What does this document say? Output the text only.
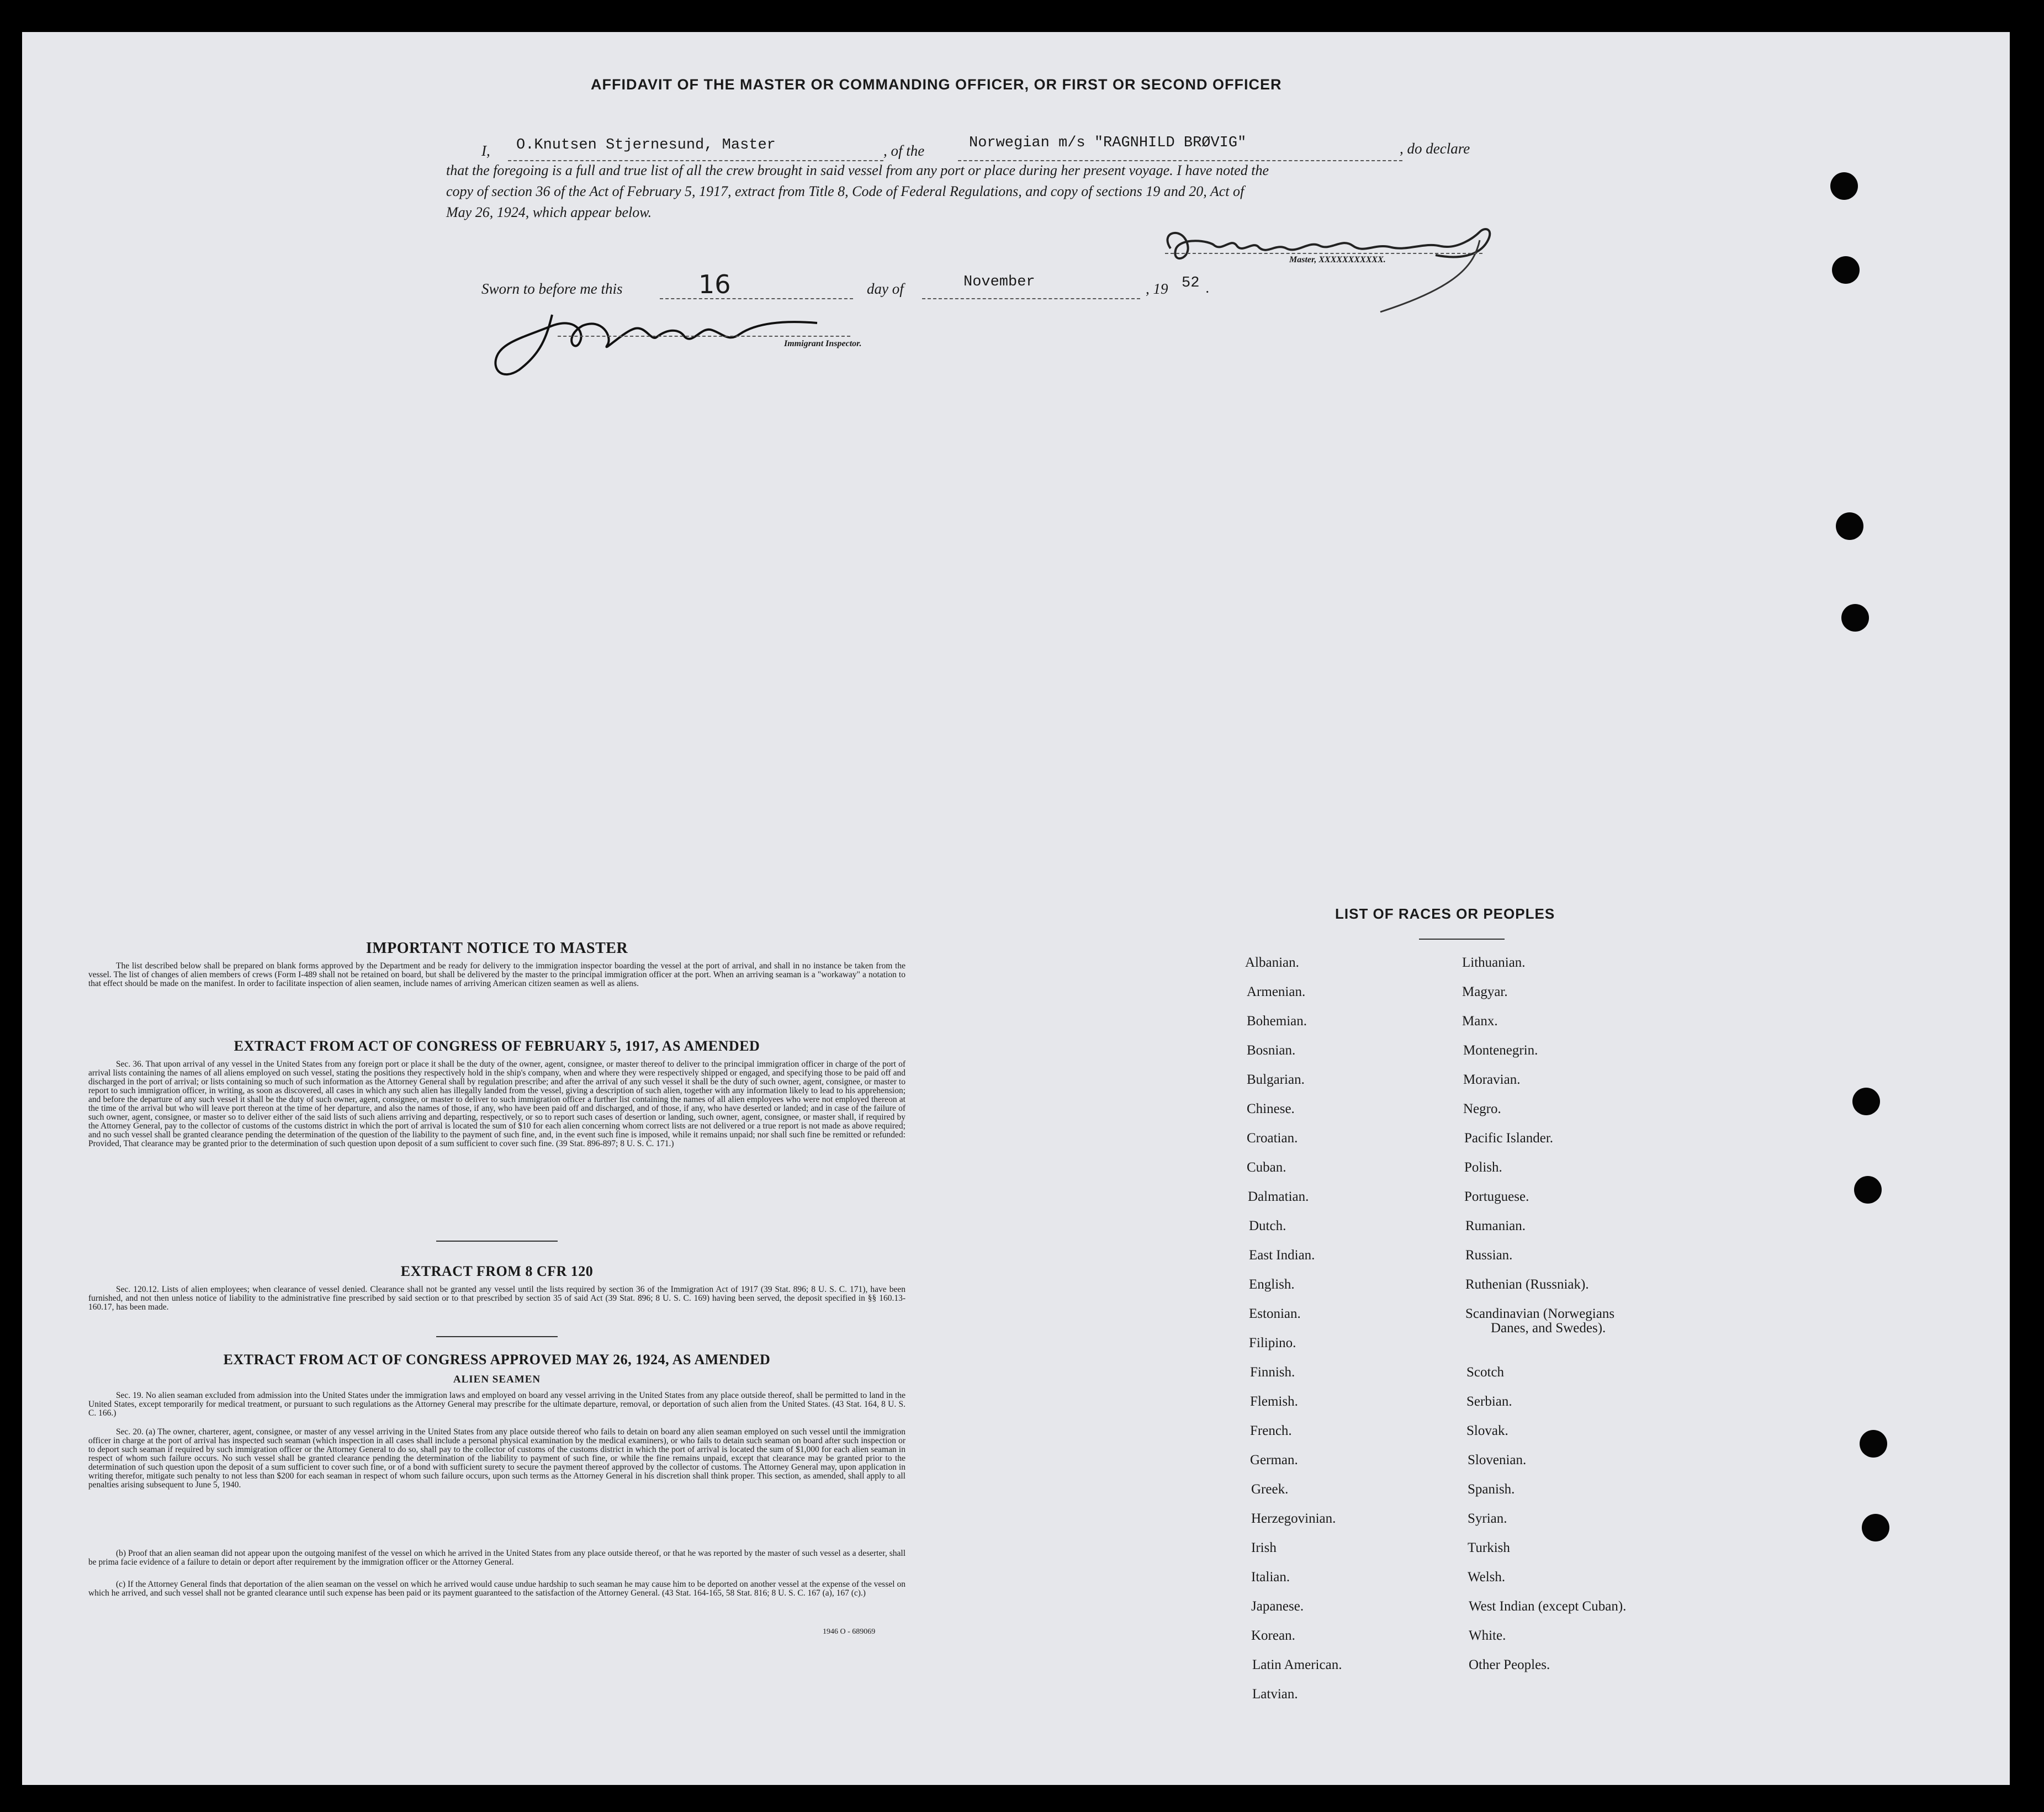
AFFIDAVIT OF THE MASTER OR COMMANDING OFFICER, OR FIRST OR SECOND OFFICER
I, O.Knutsen Stjernesund, Master	, of the	Norwegian m/s "RAGNHILD BRØVIG"	, do declare
that the foregoing is a full and true list of all the crew brought in said vessel from any port or place during her present voyage. I have noted the
copy of section 36 of the Act of February 5, 1917, extract from Title 8, Code of Federal Regulations, and copy of sections 19 and 20, Act of
May 26, 1924, which appear below.
Master, XXXXXXXXXXX.
Sworn to before me this	16	day of	November	, 19 52 .
Immigrant Inspector.
IMPORTANT NOTICE TO MASTER
The list described below shall be prepared on blank forms approved by the Department and be ready for delivery to the immigration inspector boarding the vessel at the port of arrival, and shall in no instance be taken from the vessel. The list of changes of alien members of crews (Form I-489 shall not be retained on board, but shall be delivered by the master to the principal immigration officer at the port. When an arriving seaman is a "workaway" a notation to that effect should be made on the manifest. In order to facilitate inspection of alien seamen, include names of arriving American citizen seamen as well as aliens.
EXTRACT FROM ACT OF CONGRESS OF FEBRUARY 5, 1917, AS AMENDED
Sec. 36. That upon arrival of any vessel in the United States from any foreign port or place it shall be the duty of the owner, agent, consignee, or master thereof to deliver to the principal immigration officer in charge of the port of arrival lists containing the names of all aliens employed on such vessel, stating the positions they respectively hold in the ship's company, when and where they were respectively shipped or engaged, and specifying those to be paid off and discharged in the port of arrival; or lists containing so much of such information as the Attorney General shall by regulation prescribe; and after the arrival of any such vessel it shall be the duty of such owner, agent, consignee, or master to report to such immigration officer, in writing, as soon as discovered, all cases in which any such alien has illegally landed from the vessel, giving a description of such alien, together with any information likely to lead to his apprehension; and before the departure of any such vessel it shall be the duty of such owner, agent, consignee, or master to deliver to such immigration officer a further list containing the names of all alien employees who were not employed thereon at the time of the arrival but who will leave port thereon at the time of her departure, and also the names of those, if any, who have been paid off and discharged, and of those, if any, who have deserted or landed; and in case of the failure of such owner, agent, consignee, or master so to deliver either of the said lists of such aliens arriving and departing, respectively, or so to report such cases of desertion or landing, such owner, agent, consignee, or master shall, if required by the Attorney General, pay to the collector of customs of the customs district in which the port of arrival is located the sum of $10 for each alien concerning whom correct lists are not delivered or a true report is not made as above required; and no such vessel shall be granted clearance pending the determination of the question of the liability to the payment of such fine, and, in the event such fine is imposed, while it remains unpaid; nor shall such fine be remitted or refunded: Provided, That clearance may be granted prior to the determination of such question upon deposit of a sum sufficient to cover such fine. (39 Stat. 896-897; 8 U. S. C. 171.)
EXTRACT FROM 8 CFR 120
Sec. 120.12. Lists of alien employees; when clearance of vessel denied. Clearance shall not be granted any vessel until the lists required by section 36 of the Immigration Act of 1917 (39 Stat. 896; 8 U. S. C. 171), have been furnished, and not then unless notice of liability to the administrative fine prescribed by said section or to that prescribed by section 35 of said Act (39 Stat. 896; 8 U. S. C. 169) having been served, the deposit specified in §§ 160.13-160.17, has been made.
EXTRACT FROM ACT OF CONGRESS APPROVED MAY 26, 1924, AS AMENDED
ALIEN SEAMEN
Sec. 19. No alien seaman excluded from admission into the United States under the immigration laws and employed on board any vessel arriving in the United States from any place outside thereof, shall be permitted to land in the United States, except temporarily for medical treatment, or pursuant to such regulations as the Attorney General may prescribe for the ultimate departure, removal, or deportation of such alien from the United States. (43 Stat. 164, 8 U. S. C. 166.)
Sec. 20. (a) The owner, charterer, agent, consignee, or master of any vessel arriving in the United States from any place outside thereof who fails to detain on board any alien seaman employed on such vessel until the immigration officer in charge at the port of arrival has inspected such seaman (which inspection in all cases shall include a personal physical examination by the medical examiners), or who fails to detain such seaman on board after such inspection or to deport such seaman if required by such immigration officer or the Attorney General to do so, shall pay to the collector of customs of the customs district in which the port of arrival is located the sum of $1,000 for each alien seaman in respect of whom such failure occurs. No such vessel shall be granted clearance pending the determination of the liability to payment of such fine, or while the fine remains unpaid, except that clearance may be granted prior to the determination of such question upon the deposit of a sum sufficient to cover such fine, or of a bond with sufficient surety to secure the payment thereof approved by the collector of customs. The Attorney General may, upon application in writing therefor, mitigate such penalty to not less than $200 for each seaman in respect of whom such failure occurs, upon such terms as the Attorney General in his discretion shall think proper. This section, as amended, shall apply to all penalties arising subsequent to June 5, 1940.
(b) Proof that an alien seaman did not appear upon the outgoing manifest of the vessel on which he arrived in the United States from any place outside thereof, or that he was reported by the master of such vessel as a deserter, shall be prima facie evidence of a failure to detain or deport after requirement by the immigration officer or the Attorney General.
(c) If the Attorney General finds that deportation of the alien seaman on the vessel on which he arrived would cause undue hardship to such seaman he may cause him to be deported on another vessel at the expense of the vessel on which he arrived, and such vessel shall not be granted clearance until such expense has been paid or its payment guaranteed to the satisfaction of the Attorney General. (43 Stat. 164-165, 58 Stat. 816; 8 U. S. C. 167 (a), 167 (c).)
1946 O - 689069
LIST OF RACES OR PEOPLES
Albanian.
Armenian.
Bohemian.
Bosnian.
Bulgarian.
Chinese.
Croatian.
Cuban.
Dalmatian.
Dutch.
East Indian.
English.
Estonian.
Filipino.
Finnish.
Flemish.
French.
German.
Greek.
Herzegovinian.
Irish
Italian.
Japanese.
Korean.
Latin American.
Latvian.
Lithuanian.
Magyar.
Manx.
Montenegrin.
Moravian.
Negro.
Pacific Islander.
Polish.
Portuguese.
Rumanian.
Russian.
Ruthenian (Russniak).
Scandinavian (Norwegians
Danes, and Swedes).
Scotch
Serbian.
Slovak.
Slovenian.
Spanish.
Syrian.
Turkish
Welsh.
West Indian (except Cuban).
White.
Other Peoples.
